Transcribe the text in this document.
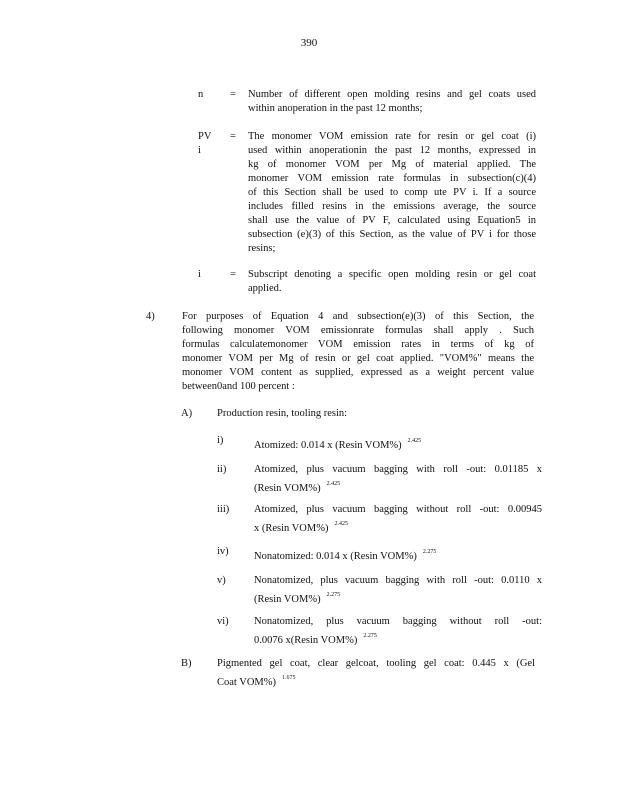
390
n	= Number of different open molding resins and gel coats used
within anoperation in the past 12 months;
PV i
= The monomer VOM emission rate for resin or gel coat (i)
used within anoperationin the past 12 months, expressed in
kg of monomer VOM per Mg of material applied. The
monomer VOM emission rate formulas in subsection(c)(4)
of this Section shall be used to comp ute PV i. If a source
includes filled resins in the emissions average, the source
shall use the value of PV F, calculated using Equation5 in
subsection (e)(3) of this Section, as the value of PV i for those
resins;
i	= Subscript denoting a specific open molding resin or gel coat
applied.
4)	For purposes of Equation 4 and subsection(e)(3) of this Section, the
following monomer VOM emissionrate formulas shall apply . Such
formulas calculatemonomer VOM emission rates in terms of kg of
monomer VOM per Mg of resin or gel coat applied. "VOM%" means the
monomer VOM content as supplied, expressed as a weight percent value
between0and 100 percent :
A) Production resin, tooling resin:
i)	Atomized: 0.014 x (Resin VOM%) $^{2.425}$
ii)	Atomized, plus vacuum bagging with roll -out: 0.01185 x
(Resin VOM%) $^{2.425}$
iii) Atomized, plus vacuum bagging without roll -out: 0.00945
x (Resin VOM%) $^{2.425}$
iv) Nonatomized: 0.014 x (Resin VOM%) $^{2.275}$
v)	Nonatomized, plus vacuum bagging with roll -out: 0.0110 x
(Resin VOM%) $^{2.275}$
vi) Nonatomized, plus vacuum bagging without roll -out:
0.0076 x(Resin VOM%) $^{2.275}$
B) Pigmented gel coat, clear gelcoat, tooling gel coat: 0.445 x (Gel
Coat VOM%) $^{1.675}$
